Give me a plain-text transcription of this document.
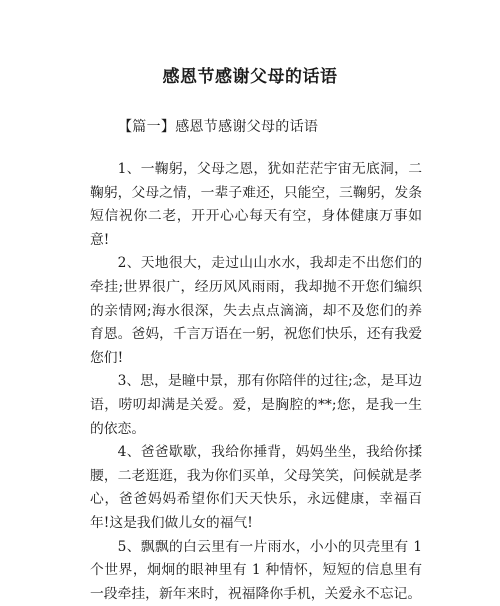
感恩节感谢父母的话语
【篇一】感恩节感谢父母的话语

1、一鞠躬，父母之恩，犹如茫茫宇宙无底洞，二鞠躬，父母之情，一辈子难还，只能空，三鞠躬，发条短信祝你二老，开开心心每天有空，身体健康万事如意!

2、天地很大，走过山山水水，我却走不出您们的牵挂;世界很广，经历风风雨雨，我却抛不开您们编织的亲情网;海水很深，失去点点滴滴，却不及您们的养育恩。爸妈，千言万语在一躬，祝您们快乐，还有我爱您们!

3、思，是瞳中景，那有你陪伴的过往;念，是耳边语，唠叨却满是关爱。爱，是胸腔的**;您，是我一生的依恋。

4、爸爸歇歇，我给你捶背，妈妈坐坐，我给你揉腰，二老逛逛，我为你们买单，父母笑笑，问候就是孝心，爸爸妈妈希望你们天天快乐，永远健康，幸福百年!这是我们做儿女的福气!

5、飘飘的白云里有一片雨水，小小的贝壳里有 1 个世界，炯炯的眼神里有 1 种情怀，短短的信息里有一段牵挂，新年来时，祝福降你手机，关爱永不忘记。
